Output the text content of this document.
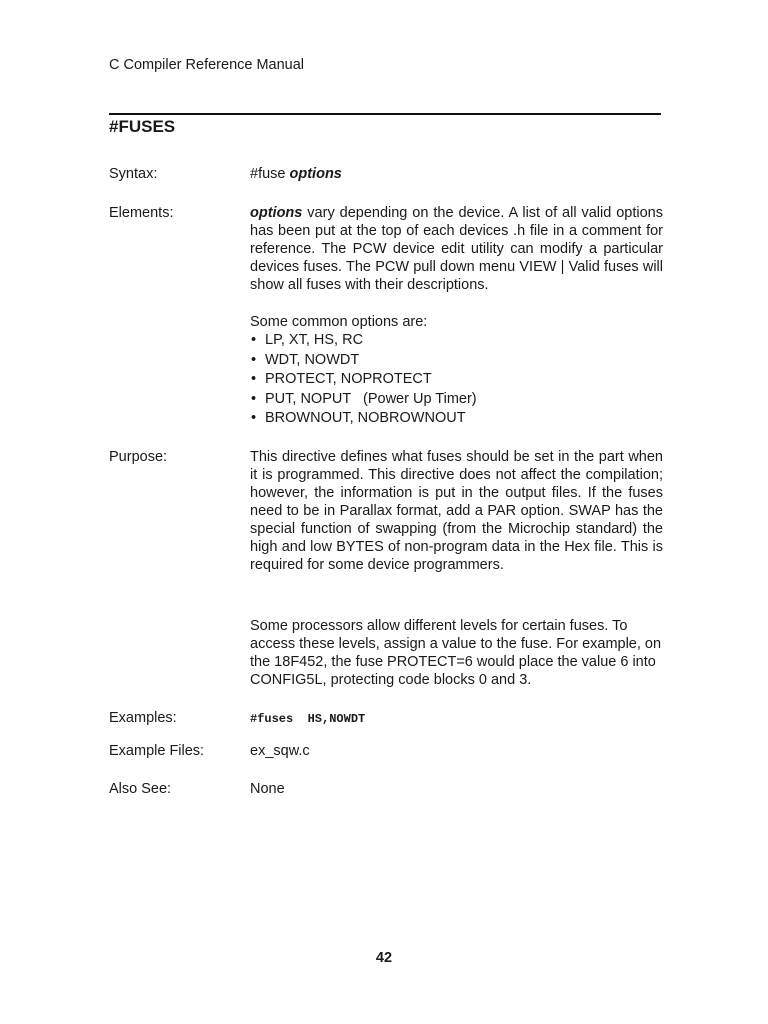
C Compiler Reference Manual
#FUSES
Syntax:	#fuse options
Elements:	options vary depending on the device. A list of all valid options has been put at the top of each devices .h file in a comment for reference. The PCW device edit utility can modify a particular devices fuses. The PCW pull down menu VIEW | Valid fuses will show all fuses with their descriptions.

Some common options are:

• LP, XT, HS, RC
• WDT, NOWDT
• PROTECT, NOPROTECT
• PUT, NOPUT   (Power Up Timer)
• BROWNOUT, NOBROWNOUT
Purpose:	This directive defines what fuses should be set in the part when it is programmed. This directive does not affect the compilation; however, the information is put in the output files. If the fuses need to be in Parallax format, add a PAR option. SWAP has the special function of swapping (from the Microchip standard) the high and low BYTES of non-program data in the Hex file. This is required for some device programmers.

Some processors allow different levels for certain fuses. To access these levels, assign a value to the fuse. For example, on the 18F452, the fuse PROTECT=6 would place the value 6 into CONFIG5L, protecting code blocks 0 and 3.

Examples:	#fuses  HS,NOWDT
Example Files:	ex_sqw.c
Also See:	None
42
